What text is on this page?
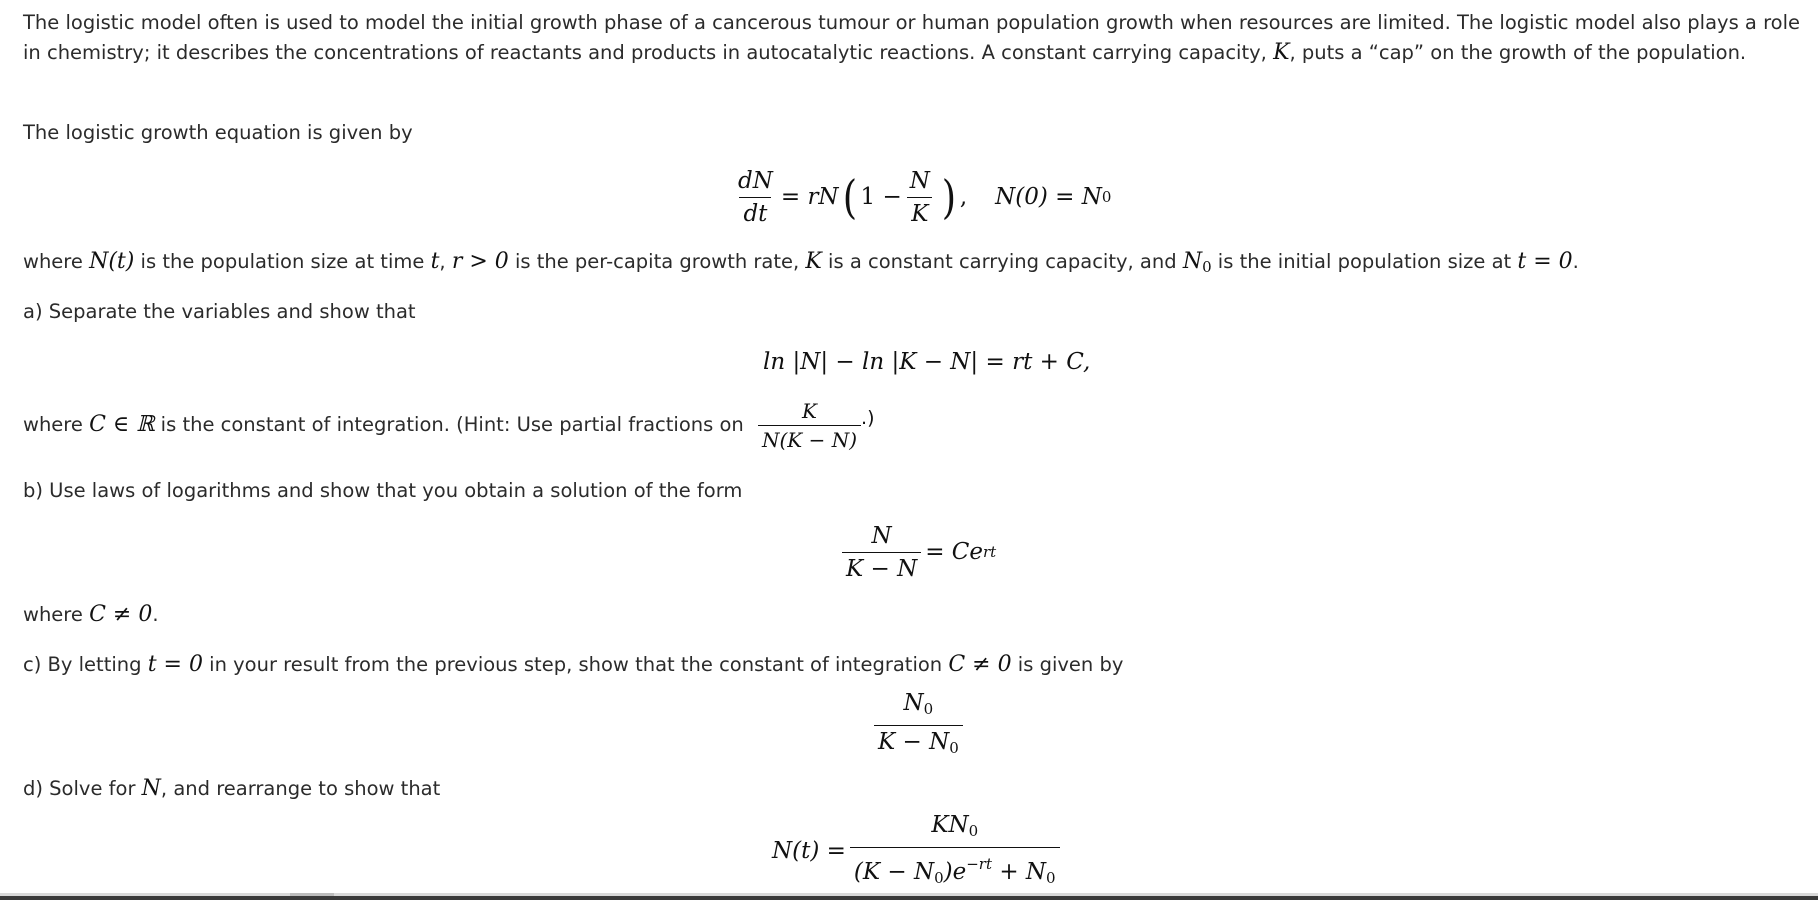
The logistic model often is used to model the initial growth phase of a cancerous tumour or human population growth when resources are limited. The logistic model also plays a role in chemistry; it describes the concentrations of reactants and products in autocatalytic reactions. A constant carrying capacity, K, puts a “cap” on the growth of the population.
The logistic growth equation is given by
$\frac{dN}{dt}$ = rN ( $1 - \frac{N}{K}$ ) , N(0) = N 0
where N(t) is the population size at time t, r > 0 is the per-capita growth rate, K is a constant carrying capacity, and $N_0$ is the initial population size at t = 0.
a) Separate the variables and show that
ln |N| − ln |K − N| = rt + C,
where C ∈ ℝ is the constant of integration. (Hint: Use partial fractions on $\frac{K}{N(K - N)}$ .)
b) Use laws of logarithms and show that you obtain a solution of the form
$\frac{N}{K - N} = Ce$ rt
where C ≠ 0.
c) By letting t = 0 in your result from the previous step, show that the constant of integration C ≠ 0 is given by
$\frac{N_0}{K - N_0}$
d) Solve for N, and rearrange to show that
$N(t) = \frac{KN_0}{(K - N_0)e^{-rt} + N_0}$
